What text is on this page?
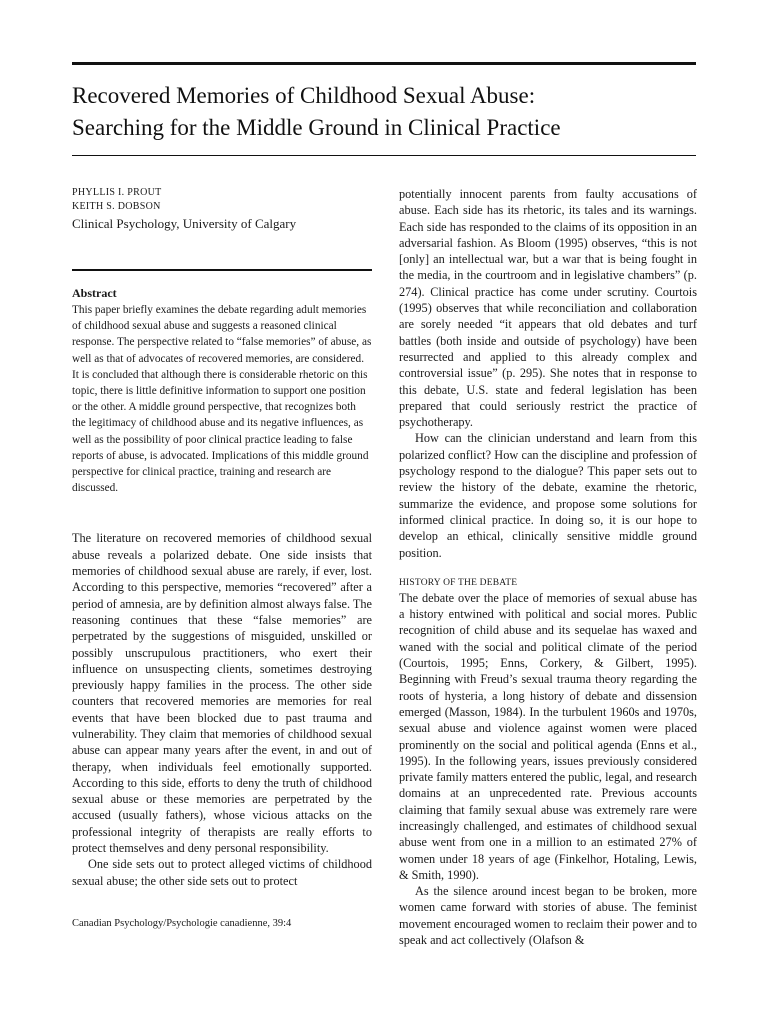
Recovered Memories of Childhood Sexual Abuse:
Searching for the Middle Ground in Clinical Practice
PHYLLIS I. PROUT
KEITH S. DOBSON
Clinical Psychology, University of Calgary
Abstract
This paper briefly examines the debate regarding adult memories of childhood sexual abuse and suggests a reasoned clinical response. The perspective related to “false memories” of abuse, as well as that of advocates of recovered memories, are considered. It is concluded that although there is considerable rhetoric on this topic, there is little definitive information to support one position or the other. A middle ground perspective, that recognizes both the legitimacy of childhood abuse and its negative influences, as well as the possibility of poor clinical practice leading to false reports of abuse, is advocated. Implications of this middle ground perspective for clinical practice, training and research are discussed.

The literature on recovered memories of childhood sexual abuse reveals a polarized debate. One side insists that memories of childhood sexual abuse are rarely, if ever, lost. According to this perspective, memories “recovered” after a period of amnesia, are by definition almost always false. The reasoning continues that these “false memories” are perpetrated by the suggestions of misguided, unskilled or possibly unscrupulous practitioners, who exert their influence on unsuspecting clients, sometimes destroying previously happy families in the process. The other side counters that recovered memories are memories for real events that have been blocked due to past trauma and vulnerability. They claim that memories of childhood sexual abuse can appear many years after the event, in and out of therapy, when individuals feel emotionally supported. According to this side, efforts to deny the truth of childhood sexual abuse or these memories are perpetrated by the accused (usually fathers), whose vicious attacks on the professional integrity of therapists are really efforts to protect themselves and deny personal responsibility.

One side sets out to protect alleged victims of childhood sexual abuse; the other side sets out to protect

potentially innocent parents from faulty accusations of abuse. Each side has its rhetoric, its tales and its warnings. Each side has responded to the claims of its opposition in an adversarial fashion. As Bloom (1995) observes, “this is not [only] an intellectual war, but a war that is being fought in the media, in the courtroom and in legislative chambers” (p. 274). Clinical practice has come under scrutiny. Courtois (1995) observes that while reconciliation and collaboration are sorely needed “it appears that old debates and turf battles (both inside and outside of psychology) have been resurrected and applied to this already complex and controversial issue” (p. 295). She notes that in response to this debate, U.S. state and federal legislation has been prepared that could seriously restrict the practice of psychotherapy.

How can the clinician understand and learn from this polarized conflict? How can the discipline and profession of psychology respond to the dialogue? This paper sets out to review the history of the debate, examine the rhetoric, summarize the evidence, and propose some solutions for informed clinical practice. In doing so, it is our hope to develop an ethical, clinically sensitive middle ground position.

HISTORY OF THE DEBATE

The debate over the place of memories of sexual abuse has a history entwined with political and social mores. Public recognition of child abuse and its sequelae has waxed and waned with the social and political climate of the period (Courtois, 1995; Enns, Corkery, & Gilbert, 1995). Beginning with Freud’s sexual trauma theory regarding the roots of hysteria, a long history of debate and dissension emerged (Masson, 1984). In the turbulent 1960s and 1970s, sexual abuse and violence against women were placed prominently on the social and political agenda (Enns et al., 1995). In the following years, issues previously considered private family matters entered the public, legal, and research domains at an unprecedented rate. Previous accounts claiming that family sexual abuse was extremely rare were increasingly challenged, and estimates of childhood sexual abuse went from one in a million to an estimated 27% of women under 18 years of age (Finkelhor, Hotaling, Lewis, & Smith, 1990).

As the silence around incest began to be broken, more women came forward with stories of abuse. The feminist movement encouraged women to reclaim their power and to speak and act collectively (Olafson &

Canadian Psychology/Psychologie canadienne, 39:4
